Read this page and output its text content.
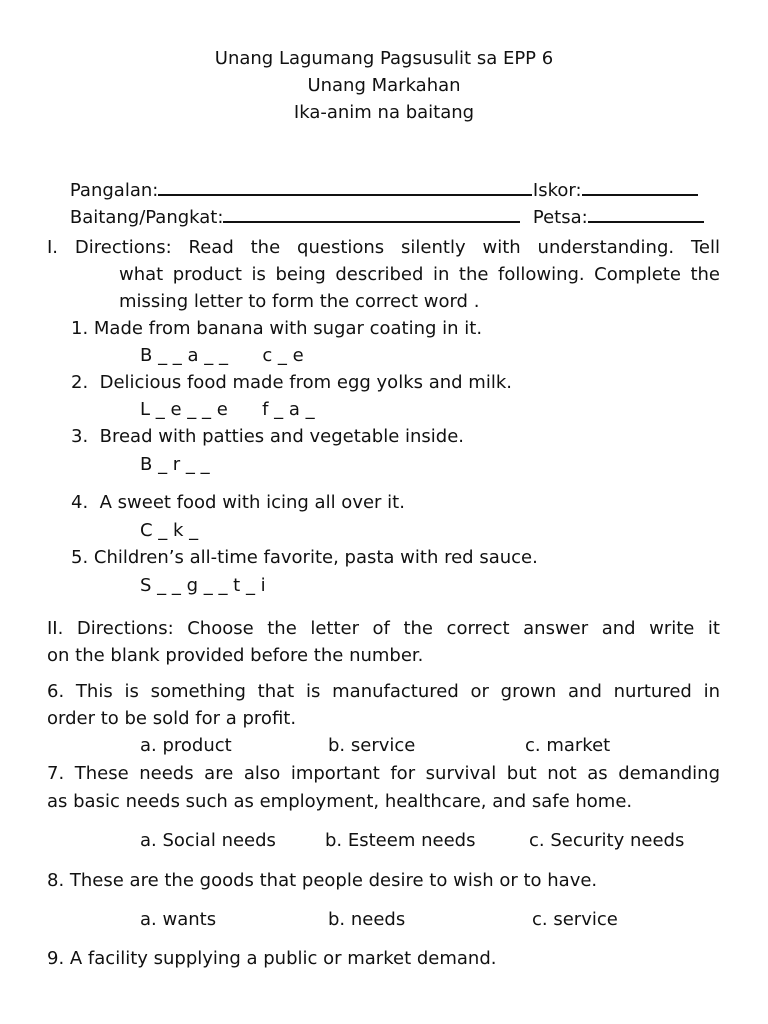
Unang Lagumang Pagsusulit sa EPP 6
Unang Markahan
Ika-anim na baitang

Pangalan:
	Iskor:

Baitang/Pangkat:
	Petsa:

I. Directions: Read the questions silently with understanding. Tell
what product is being described in the following. Complete the
missing letter to form the correct word .
1. Made from banana with sugar coating in it.
B _ _ a _ _      c _ e
2.  Delicious food made from egg yolks and milk.
L _ e _ _ e      f _ a _
3.  Bread with patties and vegetable inside.
B _ r _ _
4.  A sweet food with icing all over it.
C _ k _
5. Children’s all-time favorite, pasta with red sauce.
S _ _ g _ _ t _ i
II. Directions: Choose the letter of the correct answer and write it
on the blank provided before the number.
6. This is something that is manufactured or grown and nurtured in
order to be sold for a profit.
a. product	b. service	c. market
7. These needs are also important for survival but not as demanding
as basic needs such as employment, healthcare, and safe home.
a. Social needs	b. Esteem needs	c. Security needs
8. These are the goods that people desire to wish or to have.
a. wants	b. needs	c. service
9. A facility supplying a public or market demand.
